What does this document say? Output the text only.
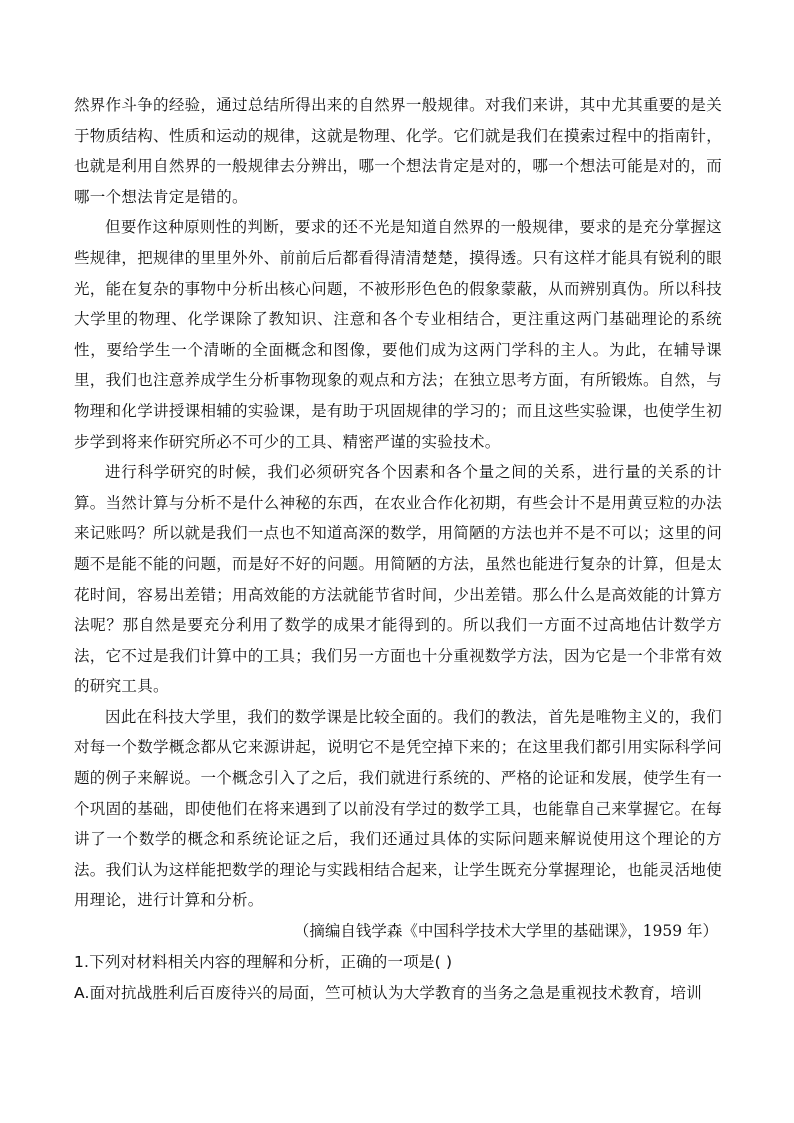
然界作斗争的经验，通过总结所得出来的自然界一般规律。对我们来讲，其中尤其重要的是关于物质结构、性质和运动的规律，这就是物理、化学。它们就是我们在摸索过程中的指南针，也就是利用自然界的一般规律去分辨出，哪一个想法肯定是对的，哪一个想法可能是对的，而哪一个想法肯定是错的。

但要作这种原则性的判断，要求的还不光是知道自然界的一般规律，要求的是充分掌握这些规律，把规律的里里外外、前前后后都看得清清楚楚，摸得透。只有这样才能具有锐利的眼光，能在复杂的事物中分析出核心问题，不被形形色色的假象蒙蔽，从而辨别真伪。所以科技大学里的物理、化学课除了教知识、注意和各个专业相结合，更注重这两门基础理论的系统性，要给学生一个清晰的全面概念和图像，要他们成为这两门学科的主人。为此，在辅导课里，我们也注意养成学生分析事物现象的观点和方法；在独立思考方面，有所锻炼。自然，与物理和化学讲授课相辅的实验课，是有助于巩固规律的学习的；而且这些实验课，也使学生初步学到将来作研究所必不可少的工具、精密严谨的实验技术。

进行科学研究的时候，我们必须研究各个因素和各个量之间的关系，进行量的关系的计算。当然计算与分析不是什么神秘的东西，在农业合作化初期，有些会计不是用黄豆粒的办法来记账吗？所以就是我们一点也不知道高深的数学，用简陋的方法也并不是不可以；这里的问题不是能不能的问题，而是好不好的问题。用简陋的方法，虽然也能进行复杂的计算，但是太花时间，容易出差错；用高效能的方法就能节省时间，少出差错。那么什么是高效能的计算方法呢？那自然是要充分利用了数学的成果才能得到的。所以我们一方面不过高地估计数学方法，它不过是我们计算中的工具；我们另一方面也十分重视数学方法，因为它是一个非常有效的研究工具。

因此在科技大学里，我们的数学课是比较全面的。我们的教法，首先是唯物主义的，我们对每一个数学概念都从它来源讲起，说明它不是凭空掉下来的；在这里我们都引用实际科学问题的例子来解说。一个概念引入了之后，我们就进行系统的、严格的论证和发展，使学生有一个巩固的基础，即使他们在将来遇到了以前没有学过的数学工具，也能靠自己来掌握它。在每讲了一个数学的概念和系统论证之后，我们还通过具体的实际问题来解说使用这个理论的方法。我们认为这样能把数学的理论与实践相结合起来，让学生既充分掌握理论，也能灵活地使用理论，进行计算和分析。

（摘编自钱学森《中国科学技术大学里的基础课》，1959 年）

1.下列对材料相关内容的理解和分析，正确的一项是( )

A.面对抗战胜利后百废待兴的局面，竺可桢认为大学教育的当务之急是重视技术教育，培训
